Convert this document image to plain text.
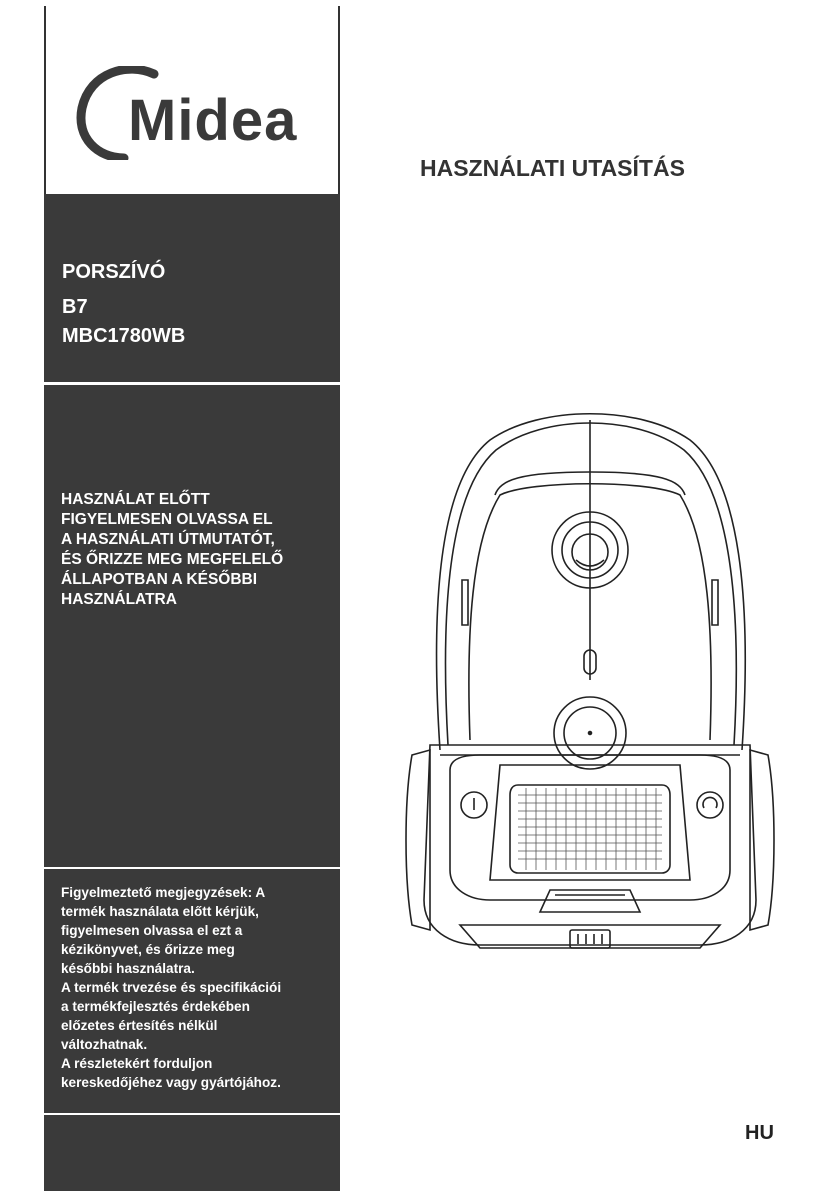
Midea
PORSZÍVÓ
B7
MBC1780WB
HASZNÁLAT ELŐTT
FIGYELMESEN OLVASSA EL
A HASZNÁLATI ÚTMUTATÓT,
ÉS ŐRIZZE MEG MEGFELELŐ
ÁLLAPOTBAN A KÉSŐBBI
HASZNÁLATRA
Figyelmeztető megjegyzések: A
termék használata előtt kérjük,
figyelmesen olvassa el ezt a
kézikönyvet, és őrizze meg
későbbi használatra.
A termék trvezése és specifikációi
a termékfejlesztés érdekében
előzetes értesítés nélkül
változhatnak.
A részletekért forduljon
kereskedőjéhez vagy gyártójához.
HASZNÁLATI UTASÍTÁS
HU
